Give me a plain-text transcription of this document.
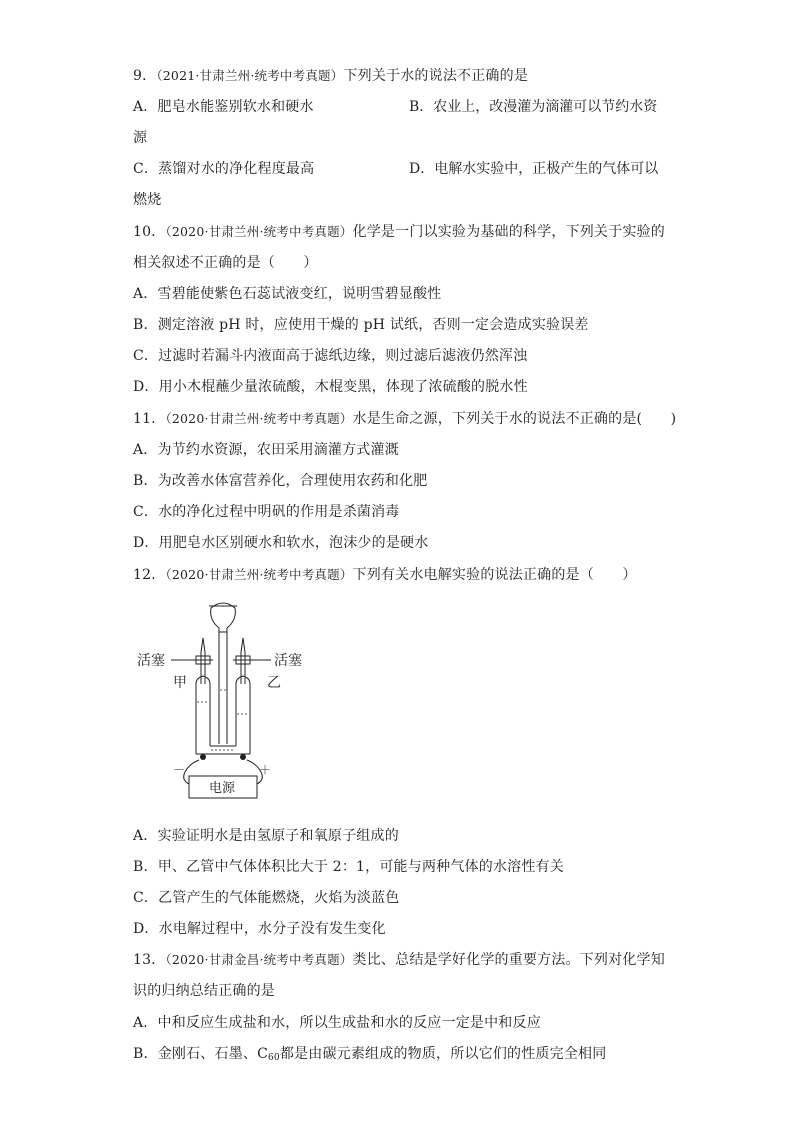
9．（2021·甘肃兰州·统考中考真题）下列关于水的说法不正确的是
A．肥皂水能鉴别软水和硬水	B．农业上，改漫灌为滴灌可以节约水资
源
C．蒸馏对水的净化程度最高	D．电解水实验中，正极产生的气体可以
燃烧
10．（2020·甘肃兰州·统考中考真题）化学是一门以实验为基础的科学，下列关于实验的
相关叙述不正确的是（　　）
A．雪碧能使紫色石蕊试液变红，说明雪碧显酸性
B．测定溶液 pH 时，应使用干燥的 pH 试纸，否则一定会造成实验误差
C．过滤时若漏斗内液面高于滤纸边缘，则过滤后滤液仍然浑浊
D．用小木棍蘸少量浓硫酸，木棍变黑，体现了浓硫酸的脱水性
11．（2020·甘肃兰州·统考中考真题）水是生命之源，下列关于水的说法不正确的是(　　)
A．为节约水资源，农田采用滴灌方式灌溉
B．为改善水体富营养化，合理使用农药和化肥
C．水的净化过程中明矾的作用是杀菌消毒
D．用肥皂水区别硬水和软水，泡沫少的是硬水
12．（2020·甘肃兰州·统考中考真题）下列有关水电解实验的说法正确的是（　　）
活塞	活塞
甲	乙
－	＋
电源
A．实验证明水是由氢原子和氧原子组成的
B．甲、乙管中气体体积比大于 2：1，可能与两种气体的水溶性有关
C．乙管产生的气体能燃烧，火焰为淡蓝色
D．水电解过程中，水分子没有发生变化
13．（2020·甘肃金昌·统考中考真题）类比、总结是学好化学的重要方法。下列对化学知
识的归纳总结正确的是
A．中和反应生成盐和水，所以生成盐和水的反应一定是中和反应
B．金刚石、石墨、$C_{60}$都是由碳元素组成的物质，所以它们的性质完全相同
